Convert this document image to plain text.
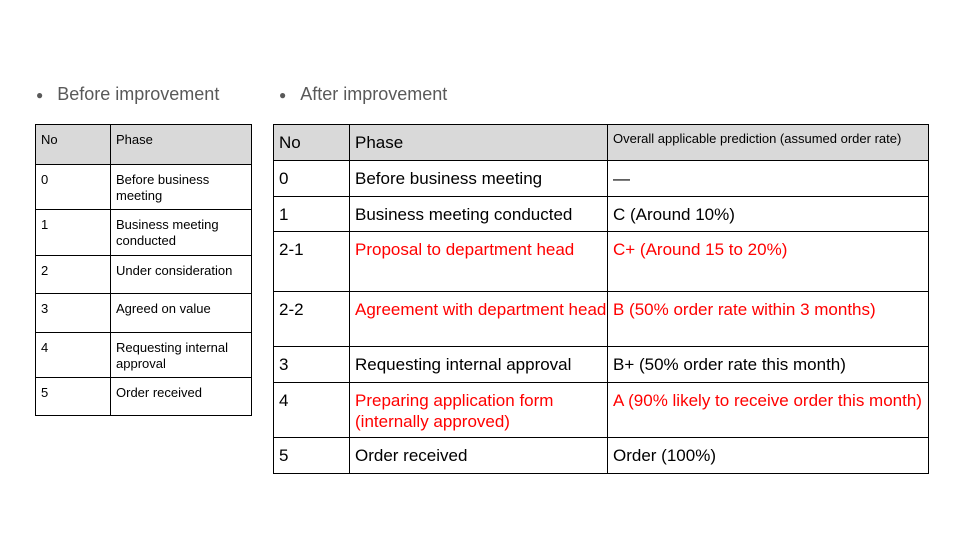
● Before improvement	● After improvement
No	Phase
0	Before business meeting
1	Business meeting conducted
2	Under consideration
3	Agreed on value
4	Requesting internal approval
5	Order received
No	Phase	Overall applicable prediction (assumed order rate)
0	Before business meeting	—
1	Business meeting conducted	C (Around 10%)
2-1	Proposal to department head	C+ (Around 15 to 20%)
2-2	Agreement with department head	B (50% order rate within 3 months)
3	Requesting internal approval	B+ (50% order rate this month)
4	Preparing application form (internally approved)	A (90% likely to receive order this month)
5	Order received	Order (100%)
